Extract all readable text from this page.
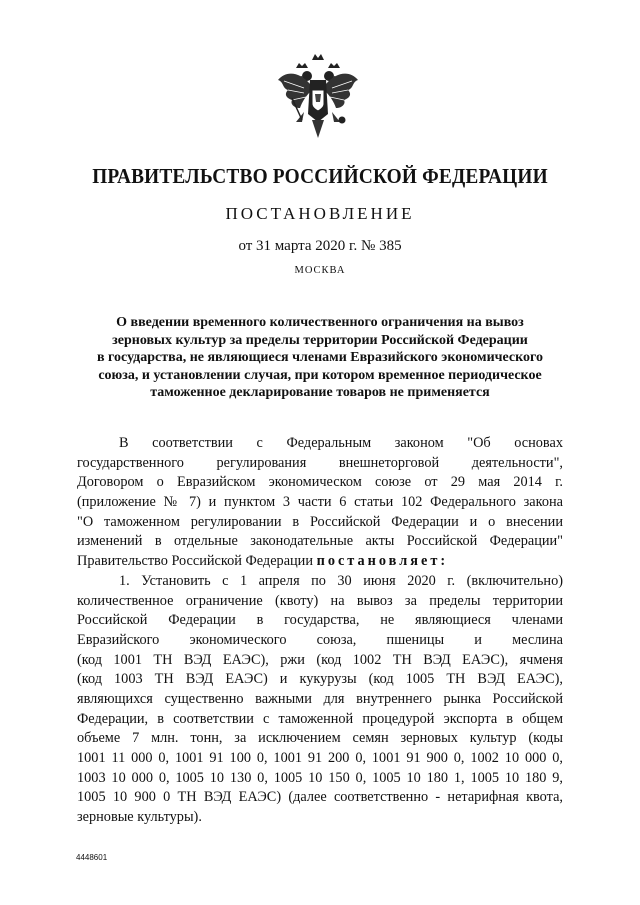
ПРАВИТЕЛЬСТВО РОССИЙСКОЙ ФЕДЕРАЦИИ
ПОСТАНОВЛЕНИЕ
от 31 марта 2020 г. № 385
МОСКВА
О введении временного количественного ограничения на вывоз
зерновых культур за пределы территории Российской Федерации
в государства, не являющиеся членами Евразийского экономического
союза, и установлении случая, при котором временное периодическое
таможенное декларирование товаров не применяется
В соответствии с Федеральным законом "Об основах
государственного регулирования внешнеторговой деятельности",
Договором о Евразийском экономическом союзе от 29 мая 2014 г.
(приложение № 7) и пунктом 3 части 6 статьи 102 Федерального закона
"О таможенном регулировании в Российской Федерации и о внесении
изменений в отдельные законодательные акты Российской Федерации"
Правительство Российской Федерации постановляет:
1. Установить с 1 апреля по 30 июня 2020 г. (включительно)
количественное ограничение (квоту) на вывоз за пределы территории
Российской Федерации в государства, не являющиеся членами
Евразийского экономического союза, пшеницы и меслина
(код 1001 ТН ВЭД ЕАЭС), ржи (код 1002 ТН ВЭД ЕАЭС), ячменя
(код 1003 ТН ВЭД ЕАЭС) и кукурузы (код 1005 ТН ВЭД ЕАЭС),
являющихся существенно важными для внутреннего рынка Российской
Федерации, в соответствии с таможенной процедурой экспорта в общем
объеме 7 млн. тонн, за исключением семян зерновых культур (коды
1001 11 000 0, 1001 91 100 0, 1001 91 200 0, 1001 91 900 0, 1002 10 000 0,
1003 10 000 0, 1005 10 130 0, 1005 10 150 0, 1005 10 180 1, 1005 10 180 9,
1005 10 900 0 ТН ВЭД ЕАЭС) (далее соответственно - нетарифная квота,
зерновые культуры).
4448601
